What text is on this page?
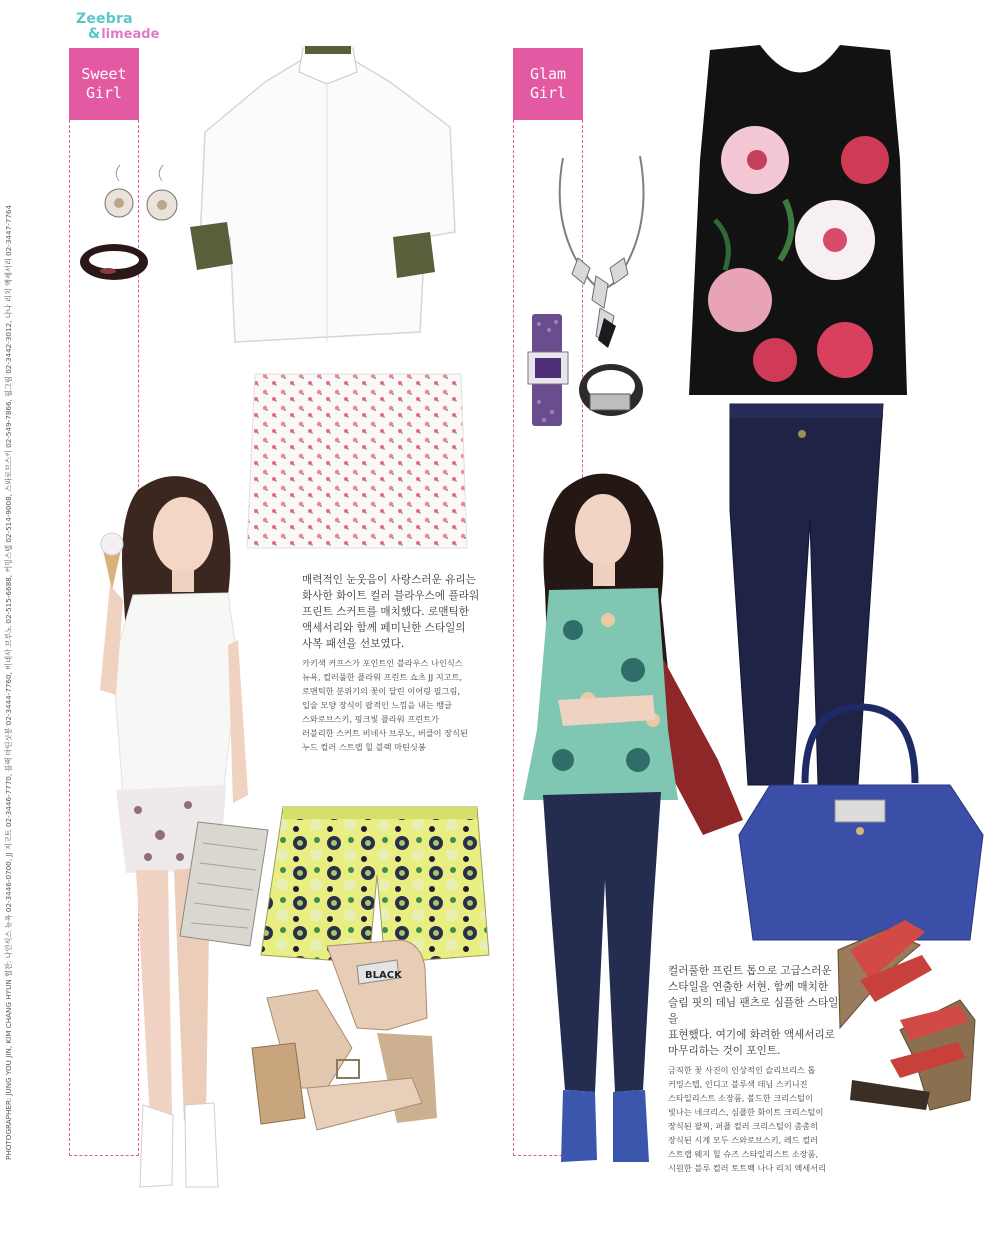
Zeebra
&limeade
Sweet
Girl
Glam
Girl
BLACK
매력적인 눈웃음이 사랑스러운 유리는
화사한 화이트 컬러 블라우스에 플라워
프린트 스커트를 매치했다. 로맨틱한
액세서리와 함께 페미닌한 스타일의
사복 패션을 선보였다.
카키색 커프스가 포인트인 블라우스 나인식스
뉴욕, 컬러풀한 플라워 프린트 쇼츠 JJ 지고트,
로맨틱한 분위기의 꽃이 달린 이어링 필그림,
입술 모양 장식이 팝적인 느낌을 내는 뱅글
스와로브스키, 핑크빛 플라워 프린트가
러블리한 스커트 비네사 브루노, 버클이 장식된
누드 컬러 스트랩 힐 블랙 마틴싯봉
컬러풀한 프린트 톱으로 고급스러운
스타일을 연출한 서현. 함께 매치한
슬림 핏의 데님 팬츠로 심플한 스타일을
표현했다. 여기에 화려한 액세서리로
마무리하는 것이 포인트.
금직한 꽃 사진이 인상적인 슬리브리스 톱
커밍스텝, 인디고 블루색 데님 스키니진
스타일리스트 소장품, 볼드한 크리스털이
빛나는 네크리스, 심플한 화이트 크리스털이
장식된 팔찌, 퍼플 컬러 크리스털이 촘촘히
장식된 시계 모두 스와로브스키, 레드 컬러
스트랩 웨지 힐 슈즈 스타일리스트 소장품,
시원한 블루 컬러 토트백 나나 리치 액세서리
PHOTOGRAPHER: JUNG YOU JIN, KIM CHANG HYUN 협찬: 나인식스 뉴욕 02-3446-0700, JJ 지고트 02-3446-7770, 블랙 마틴싯봉 02-3444-7760, 비네사 브루노 02-515-6688, 커밍스텝 02-514-9008, 스와로브스키 02-549-7866, 필그림 02-3442-3012, 나나 리치 액세서리 02-3447-7764
